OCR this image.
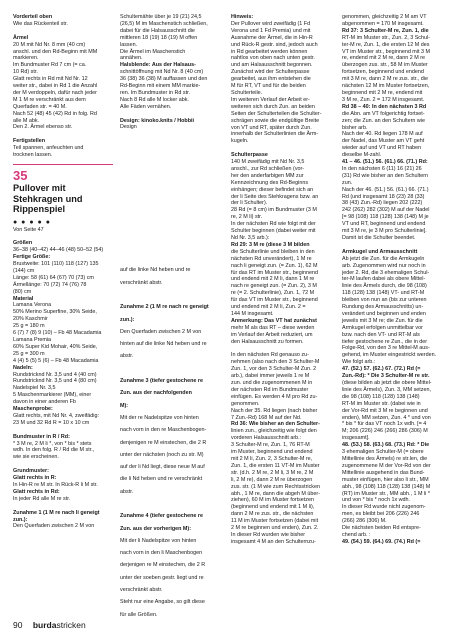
Vorderteil oben

Wie das Rückenteil str.

Ärmel

20 M mit Nd Nr. 8 mm (40 cm)

anschl. und den Rd-Beginn mit MM

markieren.

Im Bundmuster Rd 7 cm (= ca.

10 Rd) str.

Glatt rechts in Rd mit Nd Nr. 12

weiter str., dabei in Rd 1 die Anzahl

der M verdoppeln, dafür nach jeder

M 1 M re verschränkt aus dem

Querfaden str. = 40 M.

Nach 52 (48) 45 (42) Rd in folg. Rd

alle M abk.

Den 2. Ärmel ebenso str.

Fertigstellen

Teil spannen, anfeuchten und

trocknen lassen.

35
Pullover mit Stehkragen und Rippenspiel
● ● ● ● ●

Von Seite 47

Größen

36–38 (40–42) 44–46 (48) 50–52 (54)

Fertige Größe:

Brustweite: 101 (110) 118 (127) 135

(144) cm

Länge: 58 (61) 64 (67) 70 (73) cm

Ärmellänge: 70 (72) 74 (76) 78

(80) cm

Material

Lamana Verona

50% Merino Superfine, 30% Seide,

20% Kaschmir

25 g = 180 m

6 (7) 7 (8) 9 (10) – Fb 48 Macadamia

Lamana Premia

60% Super Kid Mohair, 40% Seide,

25 g = 300 m

4 (4) 5 (5) 5 (6) – Fb 48 Macadamia

Nadeln:

Rundstricknd Nr. 3,5 und 4 (40 cm)

Rundstricknd Nr. 3,5 und 4 (80 cm)

Nadelspiel Nr. 3,5

5 Maschenmarkierer (MM), einer

davon in einer anderen Fb

Maschenprobe:

Glatt rechts, mit Nd Nr. 4, zweifädig:

23 M und 32 Rd R = 10 x 10 cm

Bundmuster in R / Rd:

* 3 M re, 2 M li *, von * bis * stets

wdh. In den folg. R / Rd die M str.,

wie sie erscheinen.

Grundmuster:

Glatt rechts in R:

In Hin-R re M str. In Rück-R li M str.

Glatt rechts in Rd:

In jeder Rd alle M re str.

Zunahme 1 (1 M re nach li geneigt

zun.):

Den Querfaden zwischen 2 M von

Schultemähte über je 19 (21) 24,5

(26,5) M im Maschenstich schließen,

dabei für die Halsausschnitt die

mittleren 18 (19) 18 (19) M offen

lassen.

Die Ärmel im Maschenstich

annähen.

Halsblende: Aus der Halsaus-

schnittöffnung mit Nd Nr. 8 (40 cm)

36 (38) 36 (38) M auffassen und den

Rd-Beginn mit einem MM markie-

ren. Im Bundmuster in Rd str.

Nach 8 Rd alle M locker abk.

Alle Fäden vernähen.

Design: kinoko.knits / Hobbii

Design

auf die linke Nd heben und re

verschränkt abstr.

Zunahme 2 (1 M re nach re geneigt

zun.):

Den Querfaden zwischen 2 M von

hinten auf die linke Nd heben und re

abstr.

Zunahme 3 (tiefer gestochene re

Zun. aus der nachfolgenden

M):

Mit der re Nadelspitze von hinten

nach vorn in den re Maschenbogen-

denjenigen re M einstechen, die 2 R

unter der nächsten (noch zu str. M)

auf der li Nd liegt, diese neue M auf

die li Nd heben und re verschränkt

abstr.

Zunahme 4 (tiefer gestochene re

Zun. aus der vorherigen M):

Mit der li Nadelspitze von hinten

nach vorn in den li Maschenbogen

derjenigen re M einstechen, die 2 R

unter der soeben gestr. liegt und re

verschränkt abstr.

Steht nur eine Angabe, so gilt diese

für alle Größen.

Hinweis:

Der Pullover wird zweifädig (1 Fd

Verona und 1 Fd Premia) und mit

Ausnahme der Ärmel, die in Hin-R

und Rück-R gestr. sind, jedoch auch

in Rd gearbeitet werden können

nahtlos von oben nach unten gestr.

und am Halsausschnitt begonnen.

Zunächst wird der Schulterpasse

gearbeitet, aus ihm entstehen die

M für RT, VT und für die beiden

Schulterteile.

Im weiteren Verlauf der Arbeit er-

weiteren sich durch Zun. an beiden

Seiten der Schulterteilen die Schulter-

schrägen sowie die endgültige Breite

von VT und RT, später durch Zun.

innerhalb der Schulterlinien die Ärm-

kugeln.

Schulterpasse

140 M zweifädig mit Nd Nr. 3,5

anschl., zur Rd schließen (vor-

her den anderfarbigen MM zur

Kennzeichnung des Rd-Beginns

einhängen; dieser befindet sich an

der li Seite des Stehkragens bzw. an

der li Schulter).

28 Rd (= 8 cm) im Bundmuster (3 M

re, 2 M li) str.

In der nächsten Rd wie folgt mit der

Schulter beginnen (dabei weiter mit

Nd Nr. 3,5 arb.):

Rd 29: 3 M re (diese 3 M bilden

die Schulterlinie und bleiben in den

nächsten Rd unverändert), 1 M re

nach li geneigt zun. (= Zun. 1), 62 M

für das RT im Muster str., beginnend

und endend mit 2 M li, dann 1 M re

nach re geneigt zun. (= Zun. 2), 3 M

re (= 2. Schulterlinie), Zun. 1, 72 M

für das VT im Muster str., beginnend

und endend mit 2 M li, Zun. 2 =

144 M insgesamt.

Anmerkung: Das VT hat zunächst

mehr M als das RT – diese werden

im Verlauf der Arbeit reduziert, um

den Halsausschnitt zu formen.

In den nächsten Rd genauso zu-

nehmen (also nach den 3 Schulter-M

Zun. 1, vor den 3 Schulter-M Zun. 2

arb.), dabei immer jeweils 1 re M

zun. und die zugenommenen M in

der nächsten Rd im Bundmuster

einfügen. Es werden 4 M pro Rd zu-

genommen.

Nach der 35. Rd liegen (nach bisher

7 Zun.-Rd) 168 M auf der Nd.

Rd 36: Wie bisher an den Schulter-

linien zun., gleichzeitig wie folgt den

vorderen Halsausschnitt arb.:

3 Schulter-M re, Zun. 1, 76 RT-M

im Muster, beginnend und endend

mit 2 M li, Zun. 2, 3 Schulter-M re,

Zun. 1, die ersten 11 VT-M im Muster

str. (d.h. 2 M re, 2 M li, 3 M re, 2 M

li, 2 M re), dann 2 M re überzogen

zus. str. (1 M wie zum Rechtsstricken

abh., 1 M re, dann die abgeh M über-

ziehen), 60 M im Muster fortsetzen

(beginnend und endend mit 1 M li),

dann 2 M re zus. str., die nächsten

11 M im Muster fortsetzen (dabei mit

2 M re beginnen und enden), Zun. 2.

In dieser Rd wurden wie bisher

insgesamt 4 M an den Schulternzu-

genommen, gleichzeitig 2 M am VT

abgenommen = 170 M insgesamt.

Rd 37: 3 Schulter-M re, Zun. 1, die

RT-M im Muster str., Zun. 2, 3 Schul-

ter-M re, Zun. 1, die ersten 12 M des

VT im Muster str., beginnend mit 3 M

re, endend mit 2 M re, dann 2 M re

überzogen zus. str., 58 M im Muster

fortsetzen, beginnend und endend

mit 3 M re, dann 2 M re zus. str., die

nächsten 12 M im Muster fortsetzen,

beginnend mit 2 M re, endend mit

3 M re, Zun. 2 = 172 M insgesamt.

Rd 38 – 40: In den nächsten 3 Rd

die Abn. am VT folgerichtig fortset-

zen; die Zun. an den Schultern wie

bisher arb.

Nach der 40. Rd liegen 178 M auf

der Nadel, das Muster am VT geht

wieder auf und VT und RT haben

dieselbe M-zahl.

41 – 46. (51.) 56. (61.) 66. (71.) Rd:

In den nächsten 6 (11) 16 (21) 26

(31) Rd wie bisher an den Schultern

zun.

Nach der 46. (51.) 56. (61.) 66. (71.)

Rd (und insgesamt 18 (23) 28 (33)

38 (43) Zun.-Rd) liegen 202 (222)

242 (262) 282 (302) M auf der Nadel

[= 98 (108) 118 (128) 138 (148) M je

VT und RT, beginnend und endend

mit 3 M re, je 3 M pro Schulterlinie].

Damit ist die Schulter beendet.

Armkugel und Armausschnitt

Ab jetzt die Zun. für die Armkugeln

arb. Zugenommen wird nur noch in

jeder 2. Rd, die 3 ehemaligen Schul-

ter-M laufen dabei als obere Mittel-

linie des Ärmels durch, die 98 (108)

118 (128) 138 (148) VT- und RT-M

bleiben von nun an (bis zur unteren

Rundung des Armausschnitts) un-

verändert und beginnen und enden

jeweils mit 3 M re; die Zun. für die

Armkugel erfolgen unmittelbar vor

bzw. nach den VT- und RT-M als

tiefer gestochene re Zun., die in der

Folge-Rd, von den 3 re Mittel-M aus-

gehend, im Muster eingestrickt werden.

Wie folgt arb.:

47. (52.) 57. (62.) 67. (72.) Rd (=

Zun.-Rd): * Die 3 Schulter-M re str.

(diese bilden ab jetzt die obere Mittel-

linie des Ärmels), Zun. 3, MM setzen,

die 98 (108) 118 (128) 138 (148)

RT-M im Muster str. (dabei wie in

der Vor-Rd mit 3 M re beginnen und

enden), MM setzen, Zun. 4 * und von

* bis * für das VT noch 1x wdh. [= 4

M; 206 (226) 246 (266) 286 (306) M

insgesamt].

48. (53.) 58. (63.) 68. (73.) Rd: * Die

3 ehemaligen Schulter-M (= obere

Mittellinie des Ärmels) re str.len, die

zugenommene M der Vor-Rd von der

Mittellinie ausgehend in das Bund-

muster einfügen, hier also li str., MM

abh., 98 (108) 118 (128) 138 (148) M

(RT) im Muster str., MM abh., 1 M li *

und von * bis * noch 1x wdh.

In dieser Rd wurde nicht zugenom-

men, es bleibt bei 206 (226) 246

(266) 286 (306) M.

Die nächsten beiden Rd entspre-

chend arb. :

49. (54.) 59. (64.) 69. (74.) Rd (=

90 burdastricken
